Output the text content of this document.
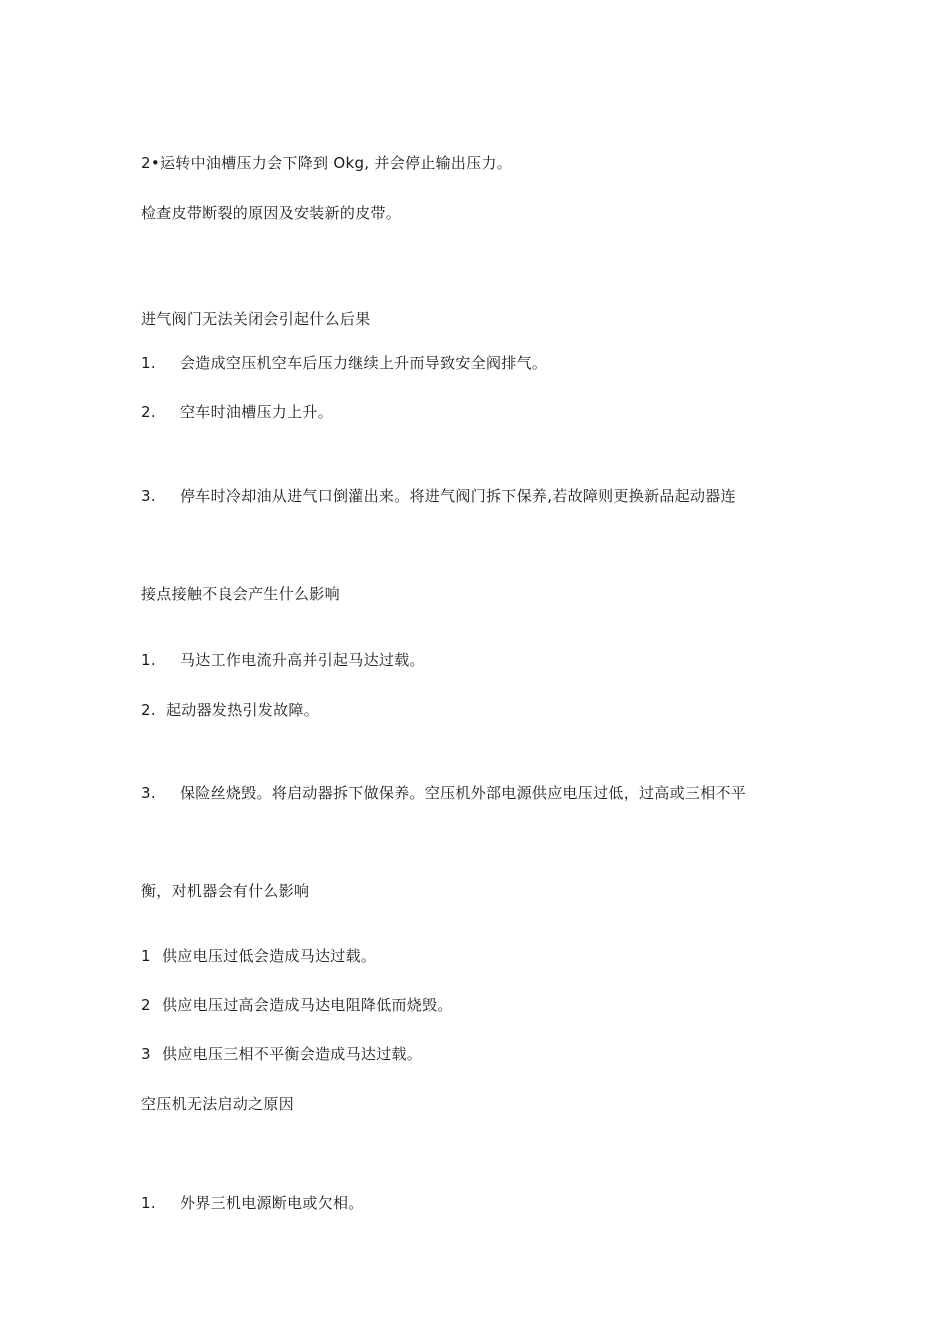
2•运转中油槽压力会下降到 Okg, 并会停止输出压力。
检查皮带断裂的原因及安装新的皮带。
进气阀门无法关闭会引起什么后果
1. 会造成空压机空车后压力继续上升而导致安全阀排气。
2. 空车时油槽压力上升。
3. 停车时冷却油从进气口倒灌出来。将进气阀门拆下保养,若故障则更换新品起动器连
接点接触不良会产生什么影响
1. 马达工作电流升高并引起马达过载。
2. 起动器发热引发故障。
3. 保险丝烧毁。将启动器拆下做保养。空压机外部电源供应电压过低，过高或三相不平
衡，对机器会有什么影响
1 供应电压过低会造成马达过载。
2 供应电压过高会造成马达电阻降低而烧毁。
3 供应电压三相不平衡会造成马达过载。
空压机无法启动之原因
1. 外界三机电源断电或欠相。
